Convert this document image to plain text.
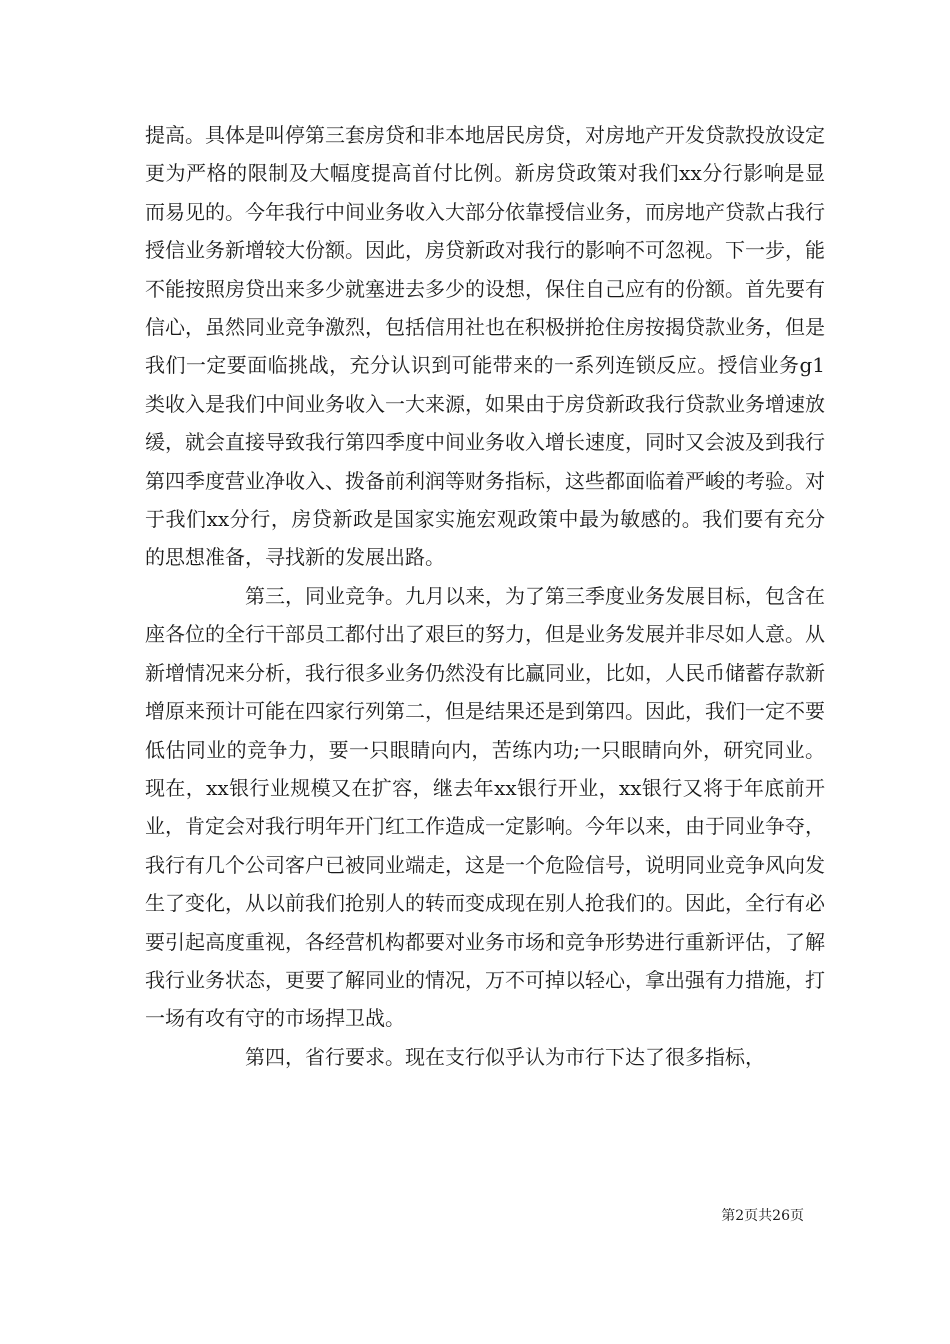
提高。具体是叫停第三套房贷和非本地居民房贷，对房地产开发贷款投放设定更为严格的限制及大幅度提高首付比例。新房贷政策对我们xx分行影响是显而易见的。今年我行中间业务收入大部分依靠授信业务，而房地产贷款占我行授信业务新增较大份额。因此，房贷新政对我行的影响不可忽视。下一步，能不能按照房贷出来多少就塞进去多少的设想，保住自己应有的份额。首先要有信心，虽然同业竞争激烈，包括信用社也在积极拼抢住房按揭贷款业务，但是我们一定要面临挑战，充分认识到可能带来的一系列连锁反应。授信业务g1类收入是我们中间业务收入一大来源，如果由于房贷新政我行贷款业务增速放缓，就会直接导致我行第四季度中间业务收入增长速度，同时又会波及到我行第四季度营业净收入、拨备前利润等财务指标，这些都面临着严峻的考验。对于我们xx分行，房贷新政是国家实施宏观政策中最为敏感的。我们要有充分的思想准备，寻找新的发展出路。

第三，同业竞争。九月以来，为了第三季度业务发展目标，包含在座各位的全行干部员工都付出了艰巨的努力，但是业务发展并非尽如人意。从新增情况来分析，我行很多业务仍然没有比赢同业，比如，人民币储蓄存款新增原来预计可能在四家行列第二，但是结果还是到第四。因此，我们一定不要低估同业的竞争力，要一只眼睛向内，苦练内功;一只眼睛向外，研究同业。现在，xx银行业规模又在扩容，继去年xx银行开业，xx银行又将于年底前开业，肯定会对我行明年开门红工作造成一定影响。今年以来，由于同业争夺，我行有几个公司客户已被同业端走，这是一个危险信号，说明同业竞争风向发生了变化，从以前我们抢别人的转而变成现在别人抢我们的。因此，全行有必要引起高度重视，各经营机构都要对业务市场和竞争形势进行重新评估，了解我行业务状态，更要了解同业的情况，万不可掉以轻心，拿出强有力措施，打一场有攻有守的市场捍卫战。

第四，省行要求。现在支行似乎认为市行下达了很多指标，

第2页共26页
